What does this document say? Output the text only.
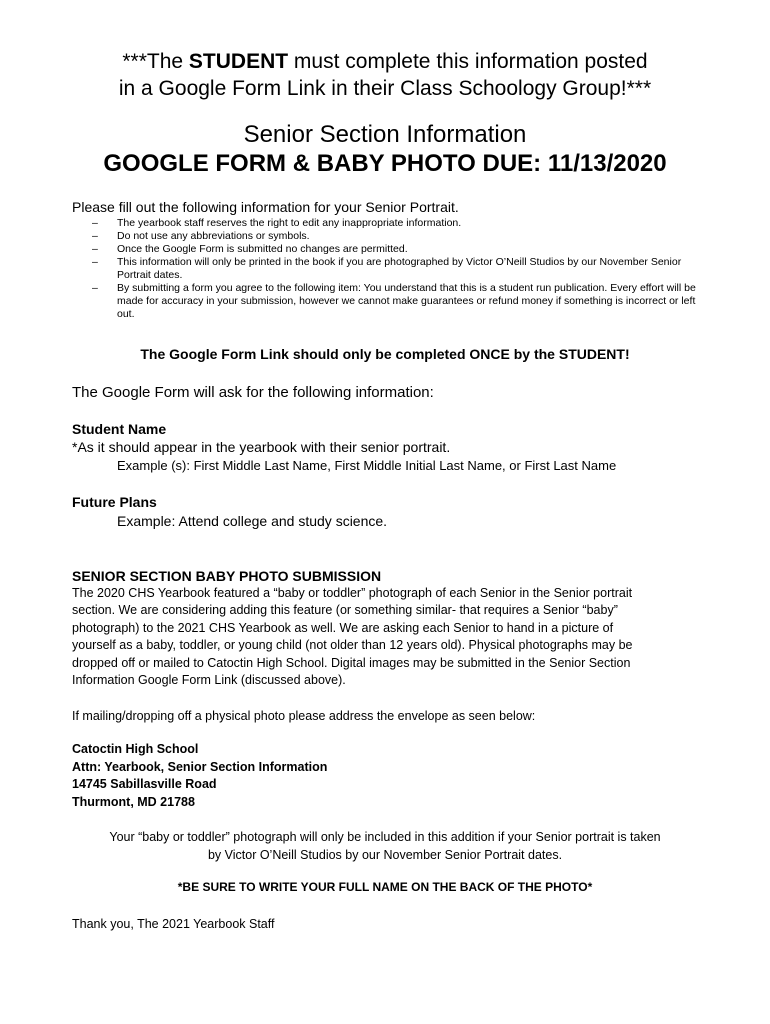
***The STUDENT must complete this information posted
in a Google Form Link in their Class Schoology Group!***
Senior Section Information
GOOGLE FORM & BABY PHOTO DUE: 11/13/2020
Please fill out the following information for your Senior Portrait.
– The yearbook staff reserves the right to edit any inappropriate information.
– Do not use any abbreviations or symbols.
– Once the Google Form is submitted no changes are permitted.
– This information will only be printed in the book if you are photographed by Victor O’Neill Studios by our November Senior Portrait dates.
– By submitting a form you agree to the following item: You understand that this is a student run publication. Every effort will be made for accuracy in your submission, however we cannot make guarantees or refund money if something is incorrect or left out.
The Google Form Link should only be completed ONCE by the STUDENT!
The Google Form will ask for the following information:
Student Name
*As it should appear in the yearbook with their senior portrait.
Example (s): First Middle Last Name, First Middle Initial Last Name, or First Last Name
Future Plans
Example: Attend college and study science.
SENIOR SECTION BABY PHOTO SUBMISSION
The 2020 CHS Yearbook featured a “baby or toddler” photograph of each Senior in the Senior portrait
section. We are considering adding this feature (or something similar- that requires a Senior “baby”
photograph) to the 2021 CHS Yearbook as well. We are asking each Senior to hand in a picture of
yourself as a baby, toddler, or young child (not older than 12 years old). Physical photographs may be
dropped off or mailed to Catoctin High School. Digital images may be submitted in the Senior Section
Information Google Form Link (discussed above).
If mailing/dropping off a physical photo please address the envelope as seen below:
Catoctin High School
Attn: Yearbook, Senior Section Information
14745 Sabillasville Road
Thurmont, MD 21788
Your “baby or toddler” photograph will only be included in this addition if your Senior portrait is taken
by Victor O’Neill Studios by our November Senior Portrait dates.
*BE SURE TO WRITE YOUR FULL NAME ON THE BACK OF THE PHOTO*
Thank you, The 2021 Yearbook Staff
